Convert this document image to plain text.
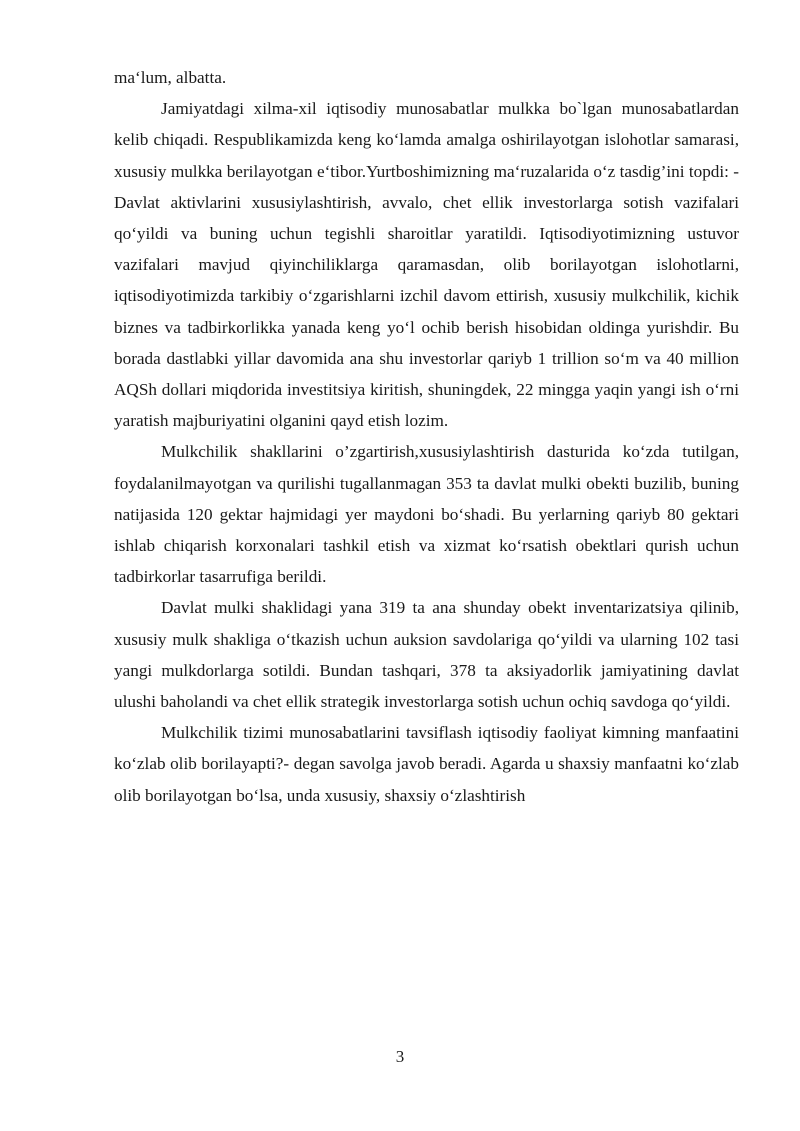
ma‘lum, albatta.

Jamiyatdagi xilma-xil iqtisodiy munosabatlar mulkka bo`lgan munosabatlardan kelib chiqadi. Respublikamizda keng ko‘lamda amalga oshirilayotgan islohotlar samarasi, xususiy mulkka berilayotgan e‘tibor.Yurtboshimizning ma‘ruzalarida o‘z tasdig’ini topdi: - Davlat aktivlarini xususiylashtirish, avvalo, chet ellik investorlarga sotish vazifalari qo‘yildi va buning uchun tegishli sharoitlar yaratildi. Iqtisodiyotimizning ustuvor vazifalari mavjud qiyinchiliklarga qaramasdan, olib borilayotgan islohotlarni, iqtisodiyotimizda tarkibiy o‘zgarishlarni izchil davom ettirish, xususiy mulkchilik, kichik biznes va tadbirkorlikka yanada keng yo‘l ochib berish hisobidan oldinga yurishdir. Bu borada dastlabki yillar davomida ana shu investorlar qariyb 1 trillion so‘m va 40 million AQSh dollari miqdorida investitsiya kiritish, shuningdek, 22 mingga yaqin yangi ish o‘rni yaratish majburiyatini olganini qayd etish lozim.

Mulkchilik shakllarini o’zgartirish,xususiylashtirish dasturida ko‘zda tutilgan, foydalanilmayotgan va qurilishi tugallanmagan 353 ta davlat mulki obekti buzilib, buning natijasida 120 gektar hajmidagi yer maydoni bo‘shadi. Bu yerlarning qariyb 80 gektari ishlab chiqarish korxonalari tashkil etish va xizmat ko‘rsatish obektlari qurish uchun tadbirkorlar tasarrufiga berildi.

Davlat mulki shaklidagi yana 319 ta ana shunday obekt inventarizatsiya qilinib, xususiy mulk shakliga o‘tkazish uchun auksion savdolariga qo‘yildi va ularning 102 tasi yangi mulkdorlarga sotildi. Bundan tashqari, 378 ta aksiyadorlik jamiyatining davlat ulushi baholandi va chet ellik strategik investorlarga sotish uchun ochiq savdoga qo‘yildi.

Mulkchilik tizimi munosabatlarini tavsiflash iqtisodiy faoliyat kimning manfaatini ko‘zlab olib borilayapti?- degan savolga javob beradi. Agarda u shaxsiy manfaatni ko‘zlab olib borilayotgan bo‘lsa, unda xususiy, shaxsiy o‘zlashtirish

3
